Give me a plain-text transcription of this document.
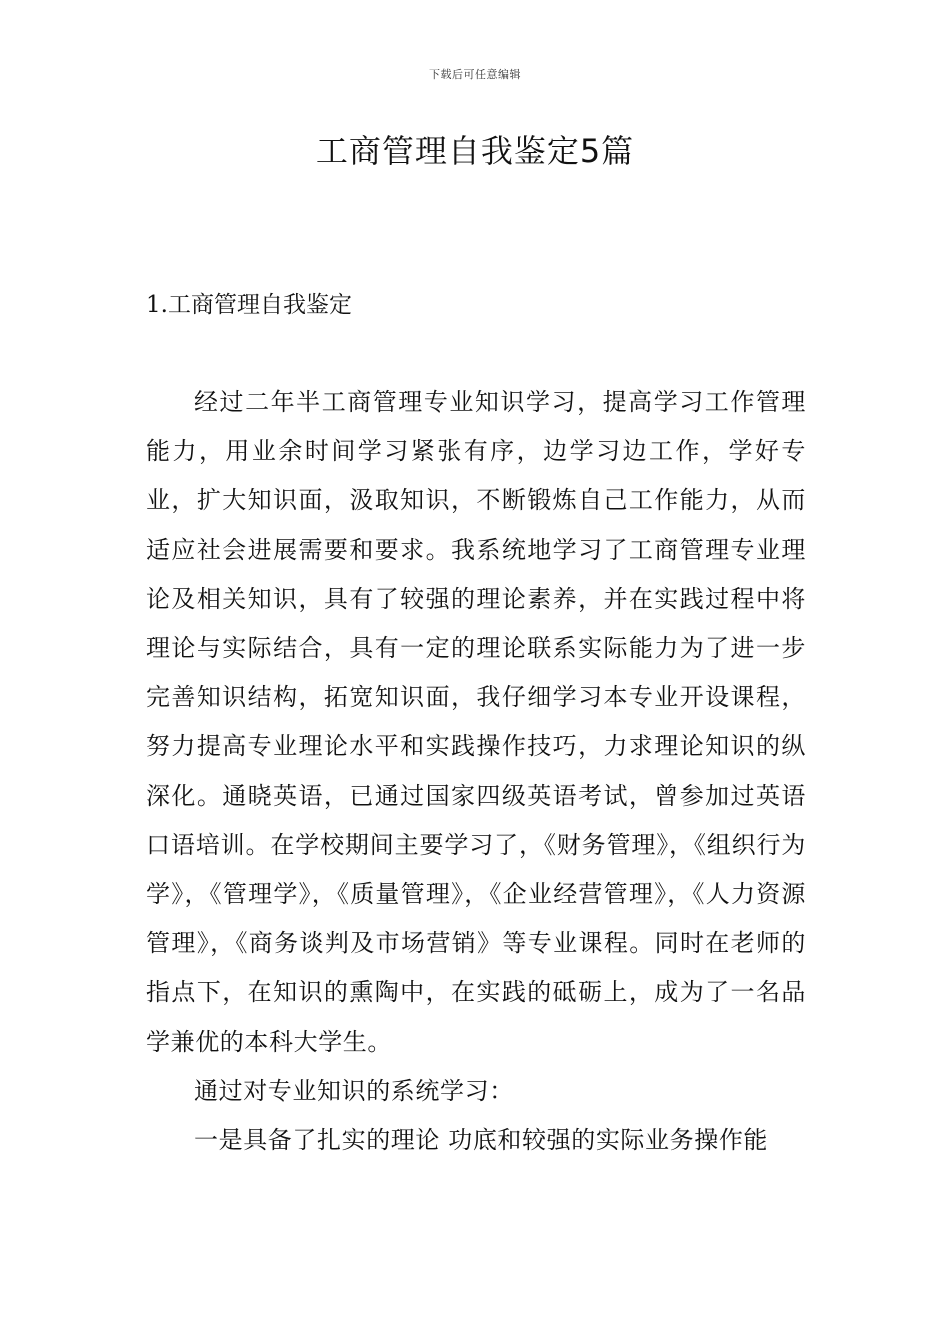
下载后可任意编辑
工商管理自我鉴定5篇
1.工商管理自我鉴定

经过二年半工商管理专业知识学习，提高学习工作管理能力，用业余时间学习紧张有序，边学习边工作，学好专业，扩大知识面，汲取知识，不断锻炼自己工作能力，从而适应社会进展需要和要求。我系统地学习了工商管理专业理论及相关知识，具有了较强的理论素养，并在实践过程中将理论与实际结合，具有一定的理论联系实际能力为了进一步完善知识结构，拓宽知识面，我仔细学习本专业开设课程，努力提高专业理论水平和实践操作技巧，力求理论知识的纵深化。通晓英语，已通过国家四级英语考试，曾参加过英语口语培训。在学校期间主要学习了，《财务管理》，《组织行为学》，《管理学》，《质量管理》，《企业经营管理》，《人力资源管理》，《商务谈判及市场营销》等专业课程。同时在老师的指点下，在知识的熏陶中，在实践的砥砺上，成为了一名品学兼优的本科大学生。

通过对专业知识的系统学习：

一是具备了扎实的理论 功底和较强的实际业务操作能
